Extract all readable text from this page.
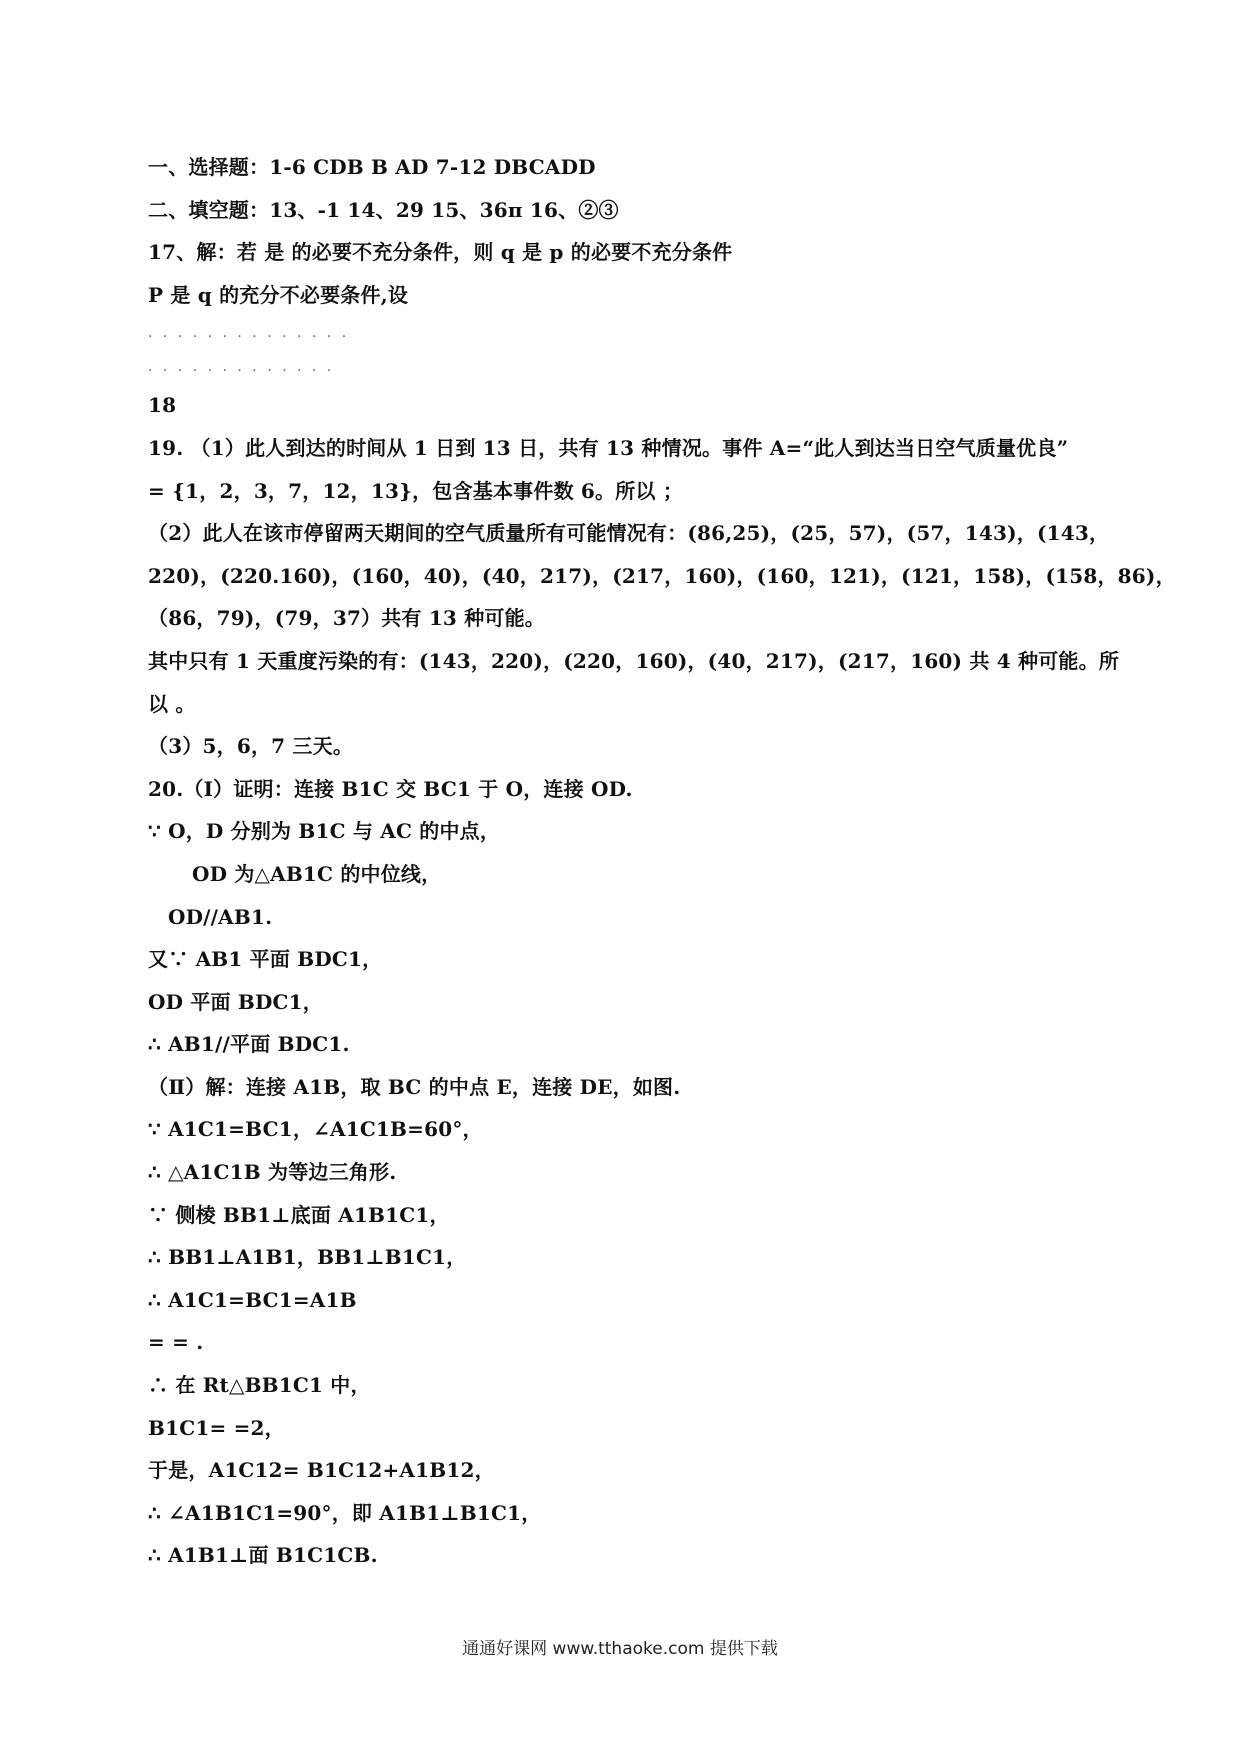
一、选择题：1-6 CDB B AD 7-12 DBCADD
二、填空题：13、-1 14、29 15、36π 16、②③
17、解：若 是 的必要不充分条件，则 q 是 p 的必要不充分条件
P 是 q 的充分不必要条件,设
. . . . . . . . . . . . . .
. . . . . . . . . . . . .
18
19. （1）此人到达的时间从 1 日到 13 日，共有 13 种情况。事件 A=“此人到达当日空气质量优良”
= {1，2，3，7，12，13}，包含基本事件数 6。所以 ；
（2）此人在该市停留两天期间的空气质量所有可能情况有：(86,25)，(25，57)，(57，143)，(143，
220)，(220.160)，(160，40)，(40，217)，(217，160)，(160，121)，(121，158)，(158，86)，
（86，79)，(79，37）共有 13 种可能。
其中只有 1 天重度污染的有：(143，220)，(220，160)，(40，217)，(217，160) 共 4 种可能。所
以 。
（3）5，6，7 三天。
20.（Ⅰ）证明：连接 B1C 交 BC1 于 O，连接 OD.
∵ O，D 分别为 B1C 与 AC 的中点，
OD 为△AB1C 的中位线，
OD//AB1.
又∵ AB1 平面 BDC1，
OD 平面 BDC1，
∴ AB1//平面 BDC1.
（Ⅱ）解：连接 A1B，取 BC 的中点 E，连接 DE，如图.
∵ A1C1=BC1，∠A1C1B=60°，
∴ △A1C1B 为等边三角形.
∵ 侧棱 BB1⊥底面 A1B1C1，
∴ BB1⊥A1B1，BB1⊥B1C1，
∴ A1C1=BC1=A1B
= = .
∴ 在 Rt△BB1C1 中，
B1C1= =2，
于是，A1C12= B1C12+A1B12，
∴ ∠A1B1C1=90°，即 A1B1⊥B1C1，
∴ A1B1⊥面 B1C1CB.
通通好课网 www.tthaoke.com 提供下载
